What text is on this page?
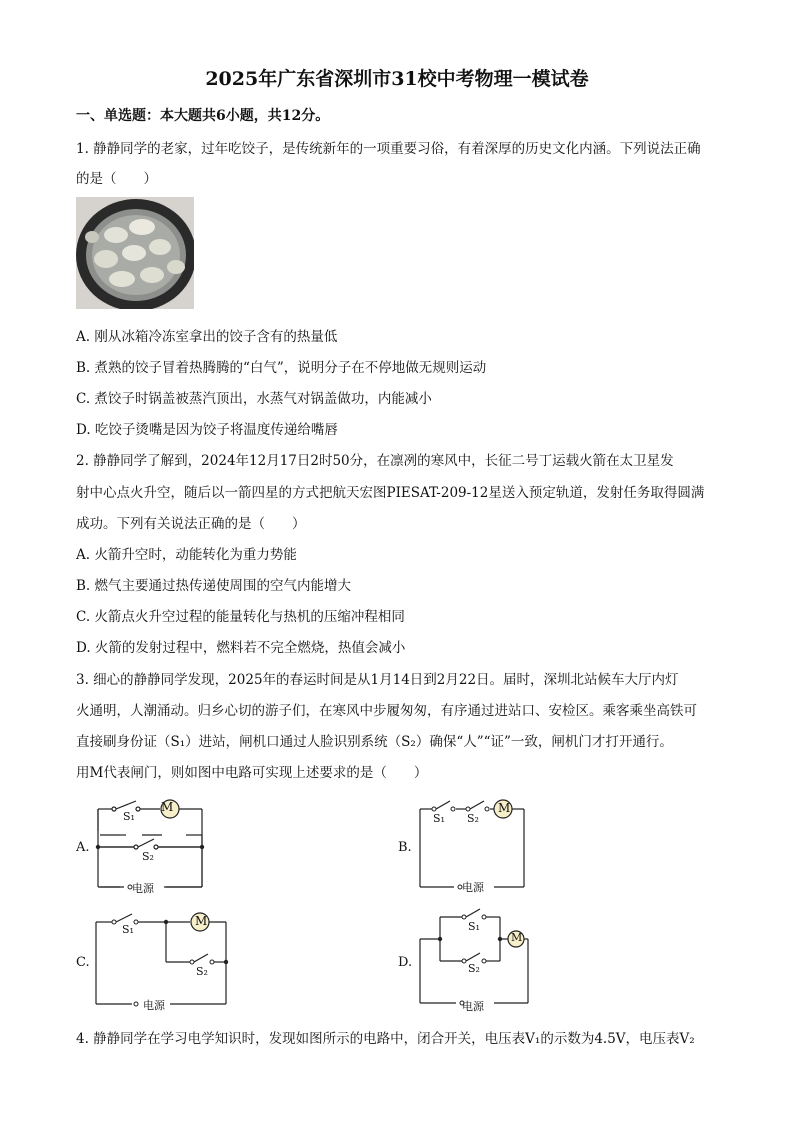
2025年广东省深圳市31校中考物理一模试卷
一、单选题：本大题共6小题，共12分。
1. 静静同学的老家，过年吃饺子，是传统新年的一项重要习俗，有着深厚的历史文化内涵。下列说法正确
的是（　　）
A. 刚从冰箱冷冻室拿出的饺子含有的热量低
B. 煮熟的饺子冒着热腾腾的“白气”，说明分子在不停地做无规则运动
C. 煮饺子时锅盖被蒸汽顶出，水蒸气对锅盖做功，内能减小
D. 吃饺子烫嘴是因为饺子将温度传递给嘴唇
2. 静静同学了解到，2024年12月17日2时50分，在凛冽的寒风中，长征二号丁运载火箭在太卫星发
射中心点火升空，随后以一箭四星的方式把航天宏图PIESAT-209-12星送入预定轨道，发射任务取得圆满
成功。下列有关说法正确的是（　　）
A. 火箭升空时，动能转化为重力势能
B. 燃气主要通过热传递使周围的空气内能增大
C. 火箭点火升空过程的能量转化与热机的压缩冲程相同
D. 火箭的发射过程中，燃料若不完全燃烧，热值会减小
3. 细心的静静同学发现，2025年的春运时间是从1月14日到2月22日。届时，深圳北站候车大厅内灯
火通明，人潮涌动。归乡心切的游子们，在寒风中步履匆匆，有序通过进站口、安检区。乘客乘坐高铁可
直接刷身份证（S₁）进站，闸机口通过人脸识别系统（S₂）确保“人”“证”一致，闸机门才打开通行。
用M代表闸门，则如图中电路可实现上述要求的是（　　）
A.	B.
C.	D.
S₁
M
S₂
电源
S₁ S₂
M
电源
S₁
M
S₂
电源
S₁
S₂
M
电源
4. 静静同学在学习电学知识时，发现如图所示的电路中，闭合开关，电压表V₁的示数为4.5V，电压表V₂
